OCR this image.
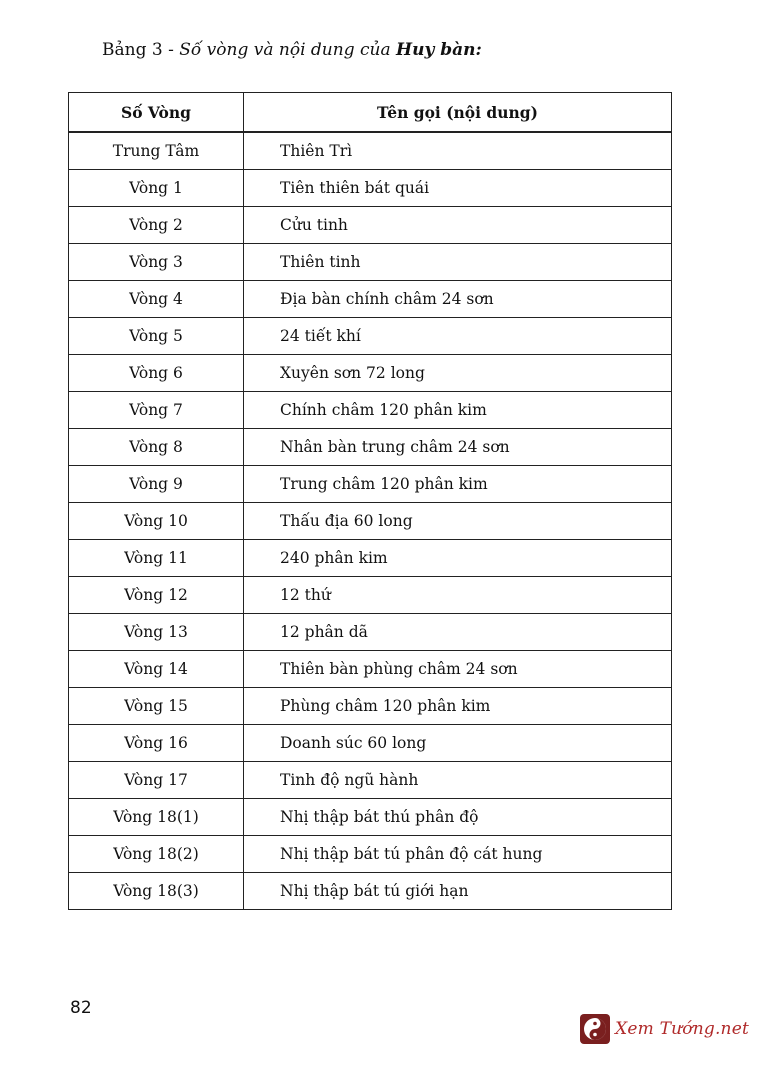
Bảng 3 - Số vòng và nội dung của Huy bàn:
Số Vòng	Tên gọi (nội dung)
Trung Tâm	Thiên Trì
Vòng 1	Tiên thiên bát quái
Vòng 2	Cửu tinh
Vòng 3	Thiên tinh
Vòng 4	Địa bàn chính châm 24 sơn
Vòng 5	24 tiết khí
Vòng 6	Xuyên sơn 72 long
Vòng 7	Chính châm 120 phân kim
Vòng 8	Nhân bàn trung châm 24 sơn
Vòng 9	Trung châm 120 phân kim
Vòng 10	Thấu địa 60 long
Vòng 11	240 phân kim
Vòng 12	12 thứ
Vòng 13	12 phân dã
Vòng 14	Thiên bàn phùng châm 24 sơn
Vòng 15	Phùng châm 120 phân kim
Vòng 16	Doanh súc 60 long
Vòng 17	Tinh độ ngũ hành
Vòng 18(1)	Nhị thập bát thú phân độ
Vòng 18(2)	Nhị thập bát tú phân độ cát hung
Vòng 18(3)	Nhị thập bát tú giới hạn
82
Xem Tướng.net
